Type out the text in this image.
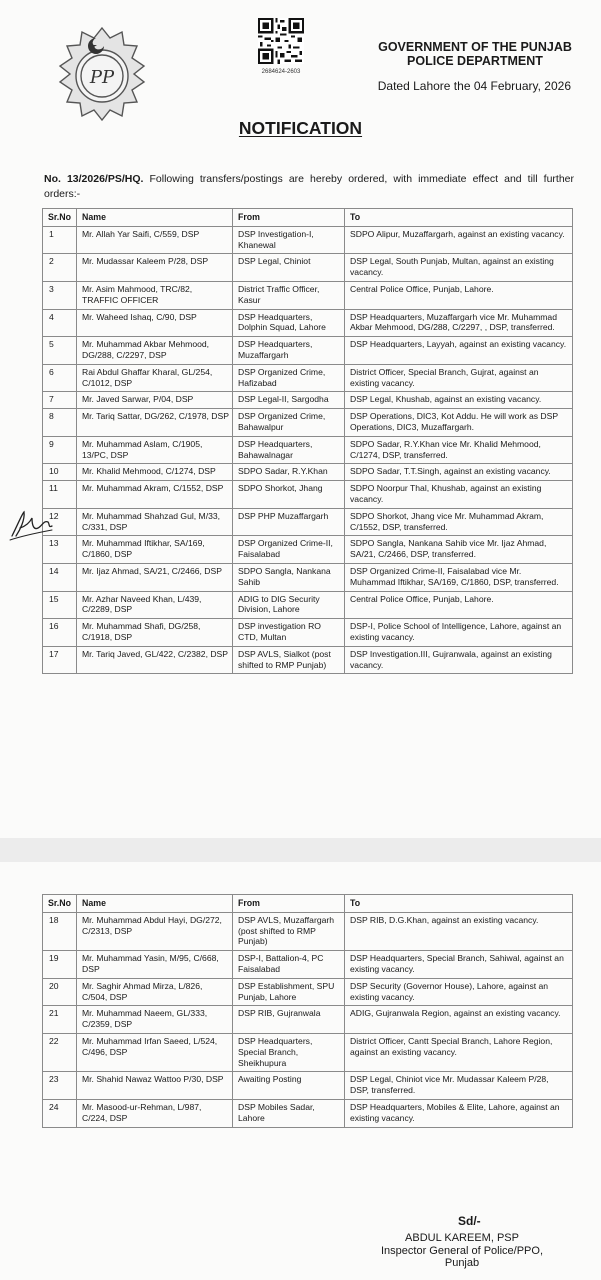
PP	2684624-2603
GOVERNMENT OF THE PUNJAB
POLICE DEPARTMENT
Dated Lahore the 04 February, 2026
NOTIFICATION
No. 13/2026/PS/HQ. Following transfers/postings are hereby ordered, with immediate effect and till further orders:-
Sr.No	Name	From	To
1	Mr. Allah Yar Saifi, C/559, DSP	DSP Investigation-I, Khanewal	SDPO Alipur, Muzaffargarh, against an existing vacancy.
2	Mr. Mudassar Kaleem P/28, DSP	DSP Legal, Chiniot	DSP Legal, South Punjab, Multan, against an existing vacancy.
3	Mr. Asim Mahmood, TRC/82, TRAFFIC OFFICER	District Traffic Officer, Kasur	Central Police Office, Punjab, Lahore.
4	Mr. Waheed Ishaq, C/90, DSP	DSP Headquarters, Dolphin Squad, Lahore	DSP Headquarters, Muzaffargarh vice Mr. Muhammad Akbar Mehmood, DG/288, C/2297, , DSP, transferred.
5	Mr. Muhammad Akbar Mehmood, DG/288, C/2297, DSP	DSP Headquarters, Muzaffargarh	DSP Headquarters, Layyah, against an existing vacancy.
6	Rai Abdul Ghaffar Kharal, GL/254, C/1012, DSP	DSP Organized Crime, Hafizabad	District Officer, Special Branch, Gujrat, against an existing vacancy.
7	Mr. Javed Sarwar, P/04, DSP	DSP Legal-II, Sargodha	DSP Legal, Khushab, against an existing vacancy.
8	Mr. Tariq Sattar, DG/262, C/1978, DSP	DSP Organized Crime, Bahawalpur	DSP Operations, DIC3, Kot Addu. He will work as DSP Operations, DIC3, Muzaffargarh.
9	Mr. Muhammad Aslam, C/1905, 13/PC, DSP	DSP Headquarters, Bahawalnagar	SDPO Sadar, R.Y.Khan vice Mr. Khalid Mehmood, C/1274, DSP, transferred.
10	Mr. Khalid Mehmood, C/1274, DSP	SDPO Sadar, R.Y.Khan	SDPO Sadar, T.T.Singh, against an existing vacancy.
11	Mr. Muhammad Akram, C/1552, DSP	SDPO Shorkot, Jhang	SDPO Noorpur Thal, Khushab, against an existing vacancy.
12	Mr. Muhammad Shahzad Gul, M/33, C/331, DSP	DSP PHP Muzaffargarh	SDPO Shorkot, Jhang vice Mr. Muhammad Akram, C/1552, DSP, transferred.
13	Mr. Muhammad Iftikhar, SA/169, C/1860, DSP	DSP Organized Crime-II, Faisalabad	SDPO Sangla, Nankana Sahib vice Mr. Ijaz Ahmad, SA/21, C/2466, DSP, transferred.
14	Mr. Ijaz Ahmad, SA/21, C/2466, DSP	SDPO Sangla, Nankana Sahib	DSP Organized Crime-II, Faisalabad vice Mr. Muhammad Iftikhar, SA/169, C/1860, DSP, transferred.
15	Mr. Azhar Naveed Khan, L/439, C/2289, DSP	ADIG to DIG Security Division, Lahore	Central Police Office, Punjab, Lahore.
16	Mr. Muhammad Shafi, DG/258, C/1918, DSP	DSP investigation RO CTD, Multan	DSP-I, Police School of Intelligence, Lahore, against an existing vacancy.
17	Mr. Tariq Javed, GL/422, C/2382, DSP	DSP AVLS, Sialkot (post shifted to RMP Punjab)	DSP Investigation.III, Gujranwala, against an existing vacancy.
Sr.No	Name	From	To
18	Mr. Muhammad Abdul Hayi, DG/272, C/2313, DSP	DSP AVLS, Muzaffargarh (post shifted to RMP Punjab)	DSP RIB, D.G.Khan, against an existing vacancy.
19	Mr. Muhammad Yasin, M/95, C/668, DSP	DSP-I, Battalion-4, PC Faisalabad	DSP Headquarters, Special Branch, Sahiwal, against an existing vacancy.
20	Mr. Saghir Ahmad Mirza, L/826, C/504, DSP	DSP Establishment, SPU Punjab, Lahore	DSP Security (Governor House), Lahore, against an existing vacancy.
21	Mr. Muhammad Naeem, GL/333, C/2359, DSP	DSP RIB, Gujranwala	ADIG, Gujranwala Region, against an existing vacancy.
22	Mr. Muhammad Irfan Saeed, L/524, C/496, DSP	DSP Headquarters, Special Branch, Sheikhupura	District Officer, Cantt Special Branch, Lahore Region, against an existing vacancy.
23	Mr. Shahid Nawaz Wattoo P/30, DSP	Awaiting Posting	DSP Legal, Chiniot vice Mr. Mudassar Kaleem P/28, DSP, transferred.
24	Mr. Masood-ur-Rehman, L/987, C/224, DSP	DSP Mobiles Sadar, Lahore	DSP Headquarters, Mobiles & Elite, Lahore, against an existing vacancy.
Sd/-
ABDUL KAREEM, PSP
Inspector General of Police/PPO,
Punjab
